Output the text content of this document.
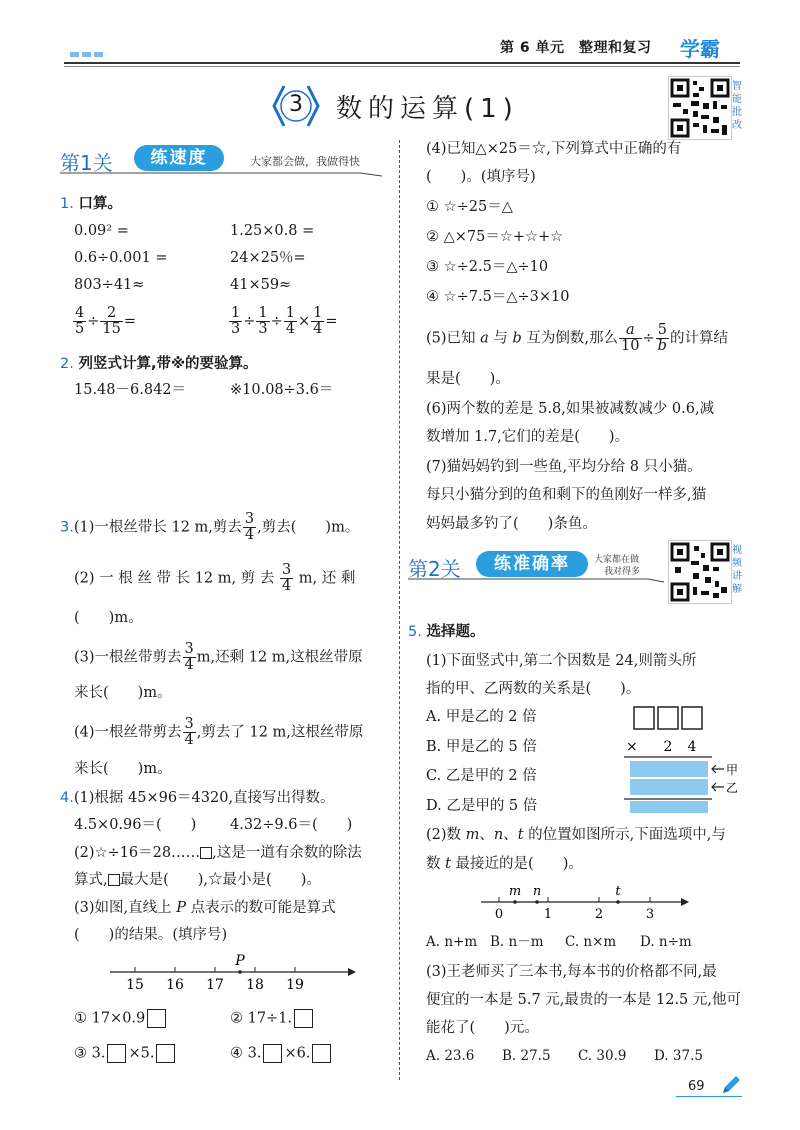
第 6 单元　整理和复习 学霸
3 数的运算(1)
智能批改
第1关	练速度	大家都会做，我做得快
1. 口算。
0.09² =	1.25×0.8 =
0.6÷0.001 =	24×25％=
803÷41≈	41×59≈
$\frac{4}{5} \div \frac{2}{15}$ =	$\frac{1}{3} \div \frac{1}{3} \div \frac{1}{4} \times \frac{1}{4}$ =
2. 列竖式计算,带※的要验算。
15.48－6.842＝	※10.08÷3.6＝
3.(1)一根丝带长 12 m,剪去 $\frac{3}{4}$ ,剪去(　　)m。
(2) 一 根 丝 带 长 12 m, 剪 去 $\frac{3}{4} m$, 还 剩
(　　)m。
(3)一根丝带剪去 $\frac{3}{4} m$,还剩 12 m,这根丝带原
来长(　　)m。
(4)一根丝带剪去 $\frac{3}{4}$ ,剪去了 12 m,这根丝带原
来长(　　)m。
4.(1)根据 45×96＝4320,直接写出得数。
4.5×0.96＝(　　) 4.32÷9.6＝(　　)
(2)☆÷16＝28…… ,这是一道有余数的除法
算式, 最大是(　　),☆最小是(　　)。
(3)如图,直线上 P 点表示的数可能是算式
(　　)的结果。(填序号)
P
15 16 17 18 19
① 17×0.9	② 17÷1.
③ 3. ×5.	④ 3. ×6.
(4)已知△×25＝☆,下列算式中正确的有
(　　)。(填序号)
① ☆÷25＝△
② △×75＝☆+☆+☆
③ ☆÷2.5＝△÷10
④ ☆÷7.5＝△÷3×10
(5)已知 a 与 b 互为倒数,那么 $\frac{a}{10} \div \frac{5}{b}$ 的计算结
果是(　　)。
(6)两个数的差是 5.8,如果被减数减少 0.6,减
数增加 1.7,它们的差是(　　)。
(7)猫妈妈钓到一些鱼,平均分给 8 只小猫。
每只小猫分到的鱼和剩下的鱼刚好一样多,猫
妈妈最多钓了(　　)条鱼。
第2关	练准确率	大家都在做
我对得多
视频讲解
5. 选择题。
(1)下面竖式中,第二个因数是 24,则箭头所
指的甲、乙两数的关系是(　　)。
A. 甲是乙的 2 倍
B. 甲是乙的 5 倍
C. 乙是甲的 2 倍
D. 乙是甲的 5 倍
× 2 4
甲
乙
(2)数 m、n、t 的位置如图所示,下面选项中,与
数 t 最接近的是(　　)。
m n	t
0	1	2	3
A. n+m B. n－m C. n×m D. n÷m
(3)王老师买了三本书,每本书的价格都不同,最
便宜的一本是 5.7 元,最贵的一本是 12.5 元,他可
能花了(　　)元。
A. 23.6 B. 27.5 C. 30.9 D. 37.5
69
